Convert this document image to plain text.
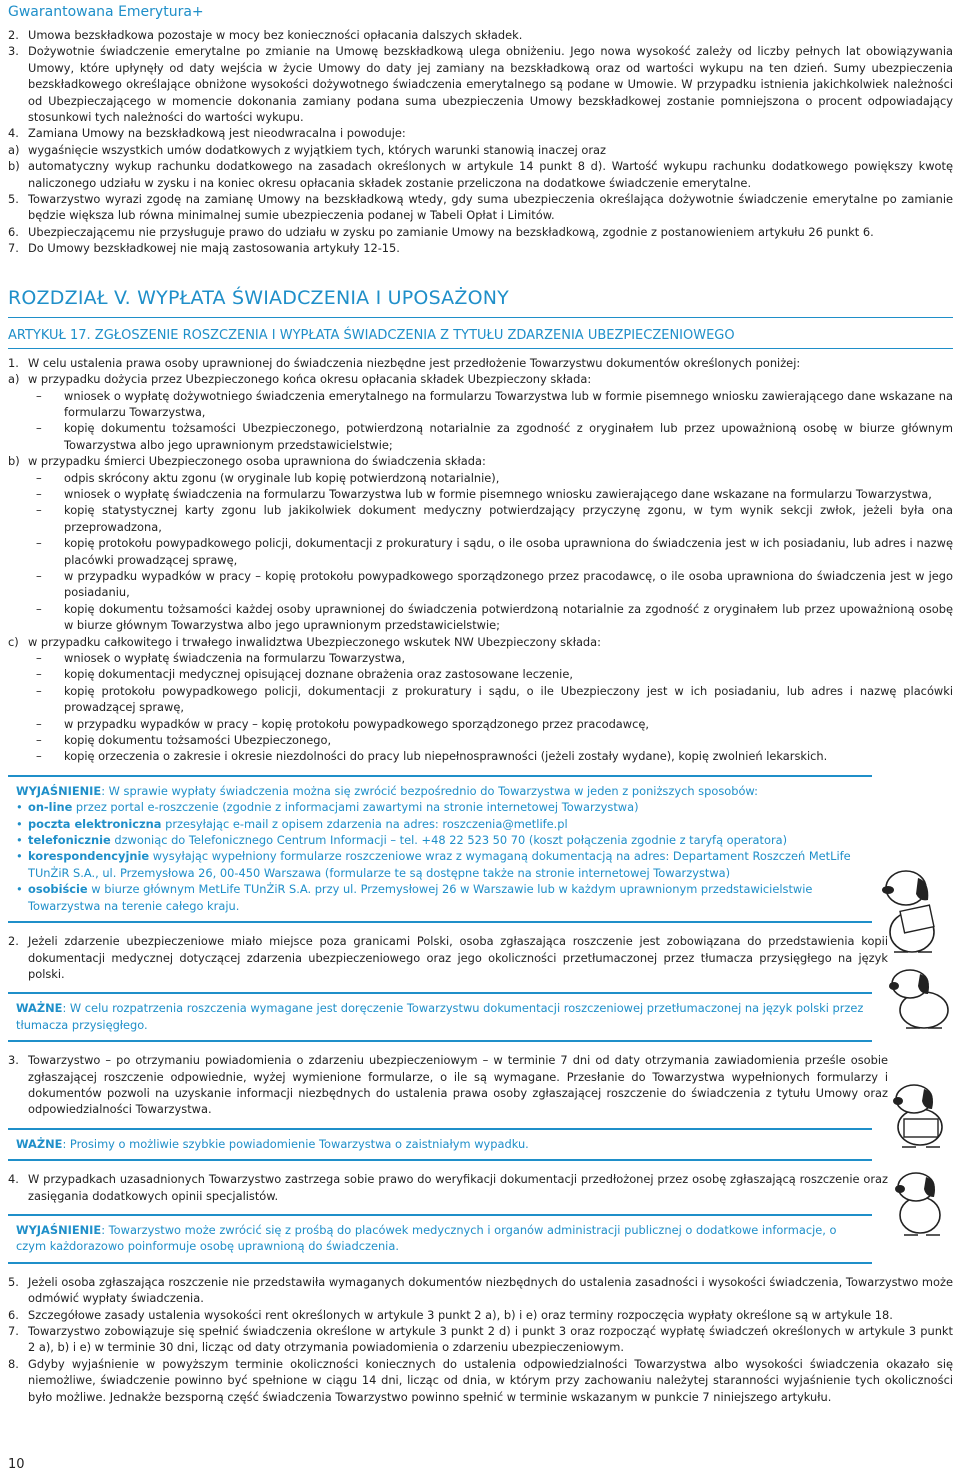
Gwarantowana Emerytura+
2. Umowa bezskładkowa pozostaje w mocy bez konieczności opłacania dalszych składek.
3. Dożywotnie świadczenie emerytalne po zmianie na Umowę bezskładkową ulega obniżeniu. Jego nowa wysokość zależy od liczby pełnych lat obowiązywania Umowy, które upłynęły od daty wejścia w życie Umowy do daty jej zamiany na bezskładkową oraz od wartości wykupu na ten dzień. Sumy ubezpieczenia bezskładkowego określające obniżone wysokości dożywotnego świadczenia emerytalnego są podane w Umowie. W przypadku istnienia jakichkolwiek należności od Ubezpieczającego w momencie dokonania zamiany podana suma ubezpieczenia Umowy bezskładkowej zostanie pomniejszona o procent odpowiadający stosunkowi tych należności do wartości wykupu.
4. Zamiana Umowy na bezskładkową jest nieodwracalna i powoduje:
a) wygaśnięcie wszystkich umów dodatkowych z wyjątkiem tych, których warunki stanowią inaczej oraz
b) automatyczny wykup rachunku dodatkowego na zasadach określonych w artykule 14 punkt 8 d). Wartość wykupu rachunku dodatkowego powiększy kwotę naliczonego udziału w zysku i na koniec okresu opłacania składek zostanie przeliczona na dodatkowe świadczenie emerytalne.
5. Towarzystwo wyrazi zgodę na zamianę Umowy na bezskładkową wtedy, gdy suma ubezpieczenia określająca dożywotnie świadczenie emerytalne po zamianie będzie większa lub równa minimalnej sumie ubezpieczenia podanej w Tabeli Opłat i Limitów.
6. Ubezpieczającemu nie przysługuje prawo do udziału w zysku po zamianie Umowy na bezskładkową, zgodnie z postanowieniem artykułu 26 punkt 6.
7. Do Umowy bezskładkowej nie mają zastosowania artykuły 12-15.
ROZDZIAŁ V. WYPŁATA ŚWIADCZENIA I UPOSAŻONY
ARTYKUŁ 17. ZGŁOSZENIE ROSZCZENIA I WYPŁATA ŚWIADCZENIA Z TYTUŁU ZDARZENIA UBEZPIECZENIOWEGO
1. W celu ustalenia prawa osoby uprawnionej do świadczenia niezbędne jest przedłożenie Towarzystwu dokumentów określonych poniżej:
a) w przypadku dożycia przez Ubezpieczonego końca okresu opłacania składek Ubezpieczony składa:
– wniosek o wypłatę dożywotniego świadczenia emerytalnego na formularzu Towarzystwa lub w formie pisemnego wniosku zawierającego dane wskazane na formularzu Towarzystwa,
– kopię dokumentu tożsamości Ubezpieczonego, potwierdzoną notarialnie za zgodność z oryginałem lub przez upoważnioną osobę w biurze głównym Towarzystwa albo jego uprawnionym przedstawicielstwie;
b) w przypadku śmierci Ubezpieczonego osoba uprawniona do świadczenia składa:
– odpis skrócony aktu zgonu (w oryginale lub kopię potwierdzoną notarialnie),
– wniosek o wypłatę świadczenia na formularzu Towarzystwa lub w formie pisemnego wniosku zawierającego dane wskazane na formularzu Towarzystwa,
– kopię statystycznej karty zgonu lub jakikolwiek dokument medyczny potwierdzający przyczynę zgonu, w tym wynik sekcji zwłok, jeżeli była ona przeprowadzona,
– kopię protokołu powypadkowego policji, dokumentacji z prokuratury i sądu, o ile osoba uprawniona do świadczenia jest w ich posiadaniu, lub adres i nazwę placówki prowadzącej sprawę,
– w przypadku wypadków w pracy – kopię protokołu powypadkowego sporządzonego przez pracodawcę, o ile osoba uprawniona do świadczenia jest w jego posiadaniu,
– kopię dokumentu tożsamości każdej osoby uprawnionej do świadczenia potwierdzoną notarialnie za zgodność z oryginałem lub przez upoważnioną osobę w biurze głównym Towarzystwa albo jego uprawnionym przedstawicielstwie;
c) w przypadku całkowitego i trwałego inwalidztwa Ubezpieczonego wskutek NW Ubezpieczony składa:
– wniosek o wypłatę świadczenia na formularzu Towarzystwa,
– kopię dokumentacji medycznej opisującej doznane obrażenia oraz zastosowane leczenie,
– kopię protokołu powypadkowego policji, dokumentacji z prokuratury i sądu, o ile Ubezpieczony jest w ich posiadaniu, lub adres i nazwę placówki prowadzącej sprawę,
– w przypadku wypadków w pracy – kopię protokołu powypadkowego sporządzonego przez pracodawcę,
– kopię dokumentu tożsamości Ubezpieczonego,
– kopię orzeczenia o zakresie i okresie niezdolności do pracy lub niepełnosprawności (jeżeli zostały wydane), kopię zwolnień lekarskich.
WYJAŚNIENIE: W sprawie wypłaty świadczenia można się zwrócić bezpośrednio do Towarzystwa w jeden z poniższych sposobów:
• on-line przez portal e-roszczenie (zgodnie z informacjami zawartymi na stronie internetowej Towarzystwa)
• poczta elektroniczna przesyłając e-mail z opisem zdarzenia na adres: roszczenia@metlife.pl
• telefonicznie dzwoniąc do Telefonicznego Centrum Informacji – tel. +48 22 523 50 70 (koszt połączenia zgodnie z taryfą operatora)
• korespondencyjnie wysyłając wypełniony formularze roszczeniowe wraz z wymaganą dokumentacją na adres: Departament Roszczeń MetLife TUnŻiR S.A., ul. Przemysłowa 26, 00-450 Warszawa (formularze te są dostępne także na stronie internetowej Towarzystwa)
• osobiście w biurze głównym MetLife TUnŻiR S.A. przy ul. Przemysłowej 26 w Warszawie lub w każdym uprawnionym przedstawicielstwie Towarzystwa na terenie całego kraju.
2. Jeżeli zdarzenie ubezpieczeniowe miało miejsce poza granicami Polski, osoba zgłaszająca roszczenie jest zobowiązana do przedstawienia kopii dokumentacji medycznej dotyczącej zdarzenia ubezpieczeniowego oraz jego okoliczności przetłumaczonej przez tłumacza przysięgłego na język polski.
WAŻNE: W celu rozpatrzenia roszczenia wymagane jest doręczenie Towarzystwu dokumentacji roszczeniowej przetłumaczonej na język polski przez tłumacza przysięgłego.
3. Towarzystwo – po otrzymaniu powiadomienia o zdarzeniu ubezpieczeniowym – w terminie 7 dni od daty otrzymania zawiadomienia prześle osobie zgłaszającej roszczenie odpowiednie, wyżej wymienione formularze, o ile są wymagane. Przesłanie do Towarzystwa wypełnionych formularzy i dokumentów pozwoli na uzyskanie informacji niezbędnych do ustalenia prawa osoby zgłaszającej roszczenie do świadczenia z tytułu Umowy oraz odpowiedzialności Towarzystwa.
WAŻNE: Prosimy o możliwie szybkie powiadomienie Towarzystwa o zaistniałym wypadku.
4. W przypadkach uzasadnionych Towarzystwo zastrzega sobie prawo do weryfikacji dokumentacji przedłożonej przez osobę zgłaszającą roszczenie oraz zasięgania dodatkowych opinii specjalistów.
WYJAŚNIENIE: Towarzystwo może zwrócić się z prośbą do placówek medycznych i organów administracji publicznej o dodatkowe informacje, o czym każdorazowo poinformuje osobę uprawnioną do świadczenia.
5. Jeżeli osoba zgłaszająca roszczenie nie przedstawiła wymaganych dokumentów niezbędnych do ustalenia zasadności i wysokości świadczenia, Towarzystwo może odmówić wypłaty świadczenia.
6. Szczegółowe zasady ustalenia wysokości rent określonych w artykule 3 punkt 2 a), b) i e) oraz terminy rozpoczęcia wypłaty określone są w artykule 18.
7. Towarzystwo zobowiązuje się spełnić świadczenia określone w artykule 3 punkt 2 d) i punkt 3 oraz rozpocząć wypłatę świadczeń określonych w artykule 3 punkt 2 a), b) i e) w terminie 30 dni, licząc od daty otrzymania powiadomienia o zdarzeniu ubezpieczeniowym.
8. Gdyby wyjaśnienie w powyższym terminie okoliczności koniecznych do ustalenia odpowiedzialności Towarzystwa albo wysokości świadczenia okazało się niemożliwe, świadczenie powinno być spełnione w ciągu 14 dni, licząc od dnia, w którym przy zachowaniu należytej staranności wyjaśnienie tych okoliczności było możliwe. Jednakże bezsporną część świadczenia Towarzystwo powinno spełnić w terminie wskazanym w punkcie 7 niniejszego artykułu.
10
